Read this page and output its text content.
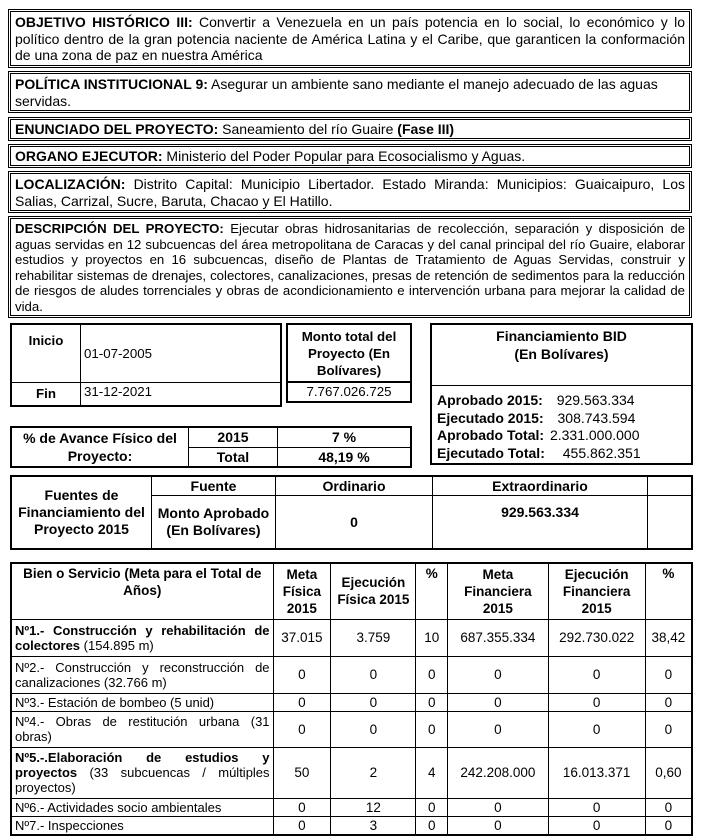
OBJETIVO HISTÓRICO III: Convertir a Venezuela en un país potencia en lo social, lo económico y lo político dentro de la gran potencia naciente de América Latina y el Caribe, que garanticen la conformación de una zona de paz en nuestra América
POLÍTICA INSTITUCIONAL 9: Asegurar un ambiente sano mediante el manejo adecuado de las aguas servidas.
ENUNCIADO DEL PROYECTO: Saneamiento del río Guaire (Fase III)
ORGANO EJECUTOR: Ministerio del Poder Popular para Ecosocialismo y Aguas.
LOCALIZACIÓN: Distrito Capital: Municipio Libertador. Estado Miranda: Municipios: Guaicaipuro, Los Salias, Carrizal, Sucre, Baruta, Chacao y El Hatillo.
DESCRIPCIÓN DEL PROYECTO: Ejecutar obras hidrosanitarias de recolección, separación y disposición de aguas servidas en 12 subcuencas del área metropolitana de Caracas y del canal principal del río Guaire, elaborar estudios y proyectos en 16 subcuencas, diseño de Plantas de Tratamiento de Aguas Servidas, construir y rehabilitar sistemas de drenajes, colectores, canalizaciones, presas de retención de sedimentos para la reducción de riesgos de aludes torrenciales y obras de acondicionamiento e intervención urbana para mejorar la calidad de vida.
Inicio	01-07-2005	
Fin	31-12-2021	
Monto total del Proyecto (En Bolívares)
7.767.026.725
Financiamiento BID
(En Bolívares)
Aprobado 2015: 929.563.334
Ejecutado 2015: 308.743.594
Aprobado Total: 2.331.000.000
Ejecutado Total: 455.862.351
% de Avance Físico del Proyecto:	2015	7 %
	Total	48,19 %
Fuentes de Financiamiento del Proyecto 2015	Fuente	Ordinario	Extraordinario	
	Monto Aprobado (En Bolívares)	0	929.563.334	
Bien o Servicio (Meta para el Total de Años)	Meta Física 2015	Ejecución Física 2015	%	Meta Financiera 2015	Ejecución Financiera 2015	%
Nº1.- Construcción y rehabilitación de colectores (154.895 m)	37.015	3.759	10	687.355.334	292.730.022	38,42
Nº2.- Construcción y reconstrucción de canalizaciones (32.766 m)	0	0	0	0	0	0
Nº3.- Estación de bombeo (5 unid)	0	0	0	0	0	0
Nº4.- Obras de restitución urbana (31 obras)	0	0	0	0	0	0
Nº5.-.Elaboración de estudios y proyectos (33 subcuencas / múltiples proyectos)	50	2	4	242.208.000	16.013.371	0,60
Nº6.- Actividades socio ambientales	0	12	0	0	0	0
Nº7.- Inspecciones	0	3	0	0	0	0
